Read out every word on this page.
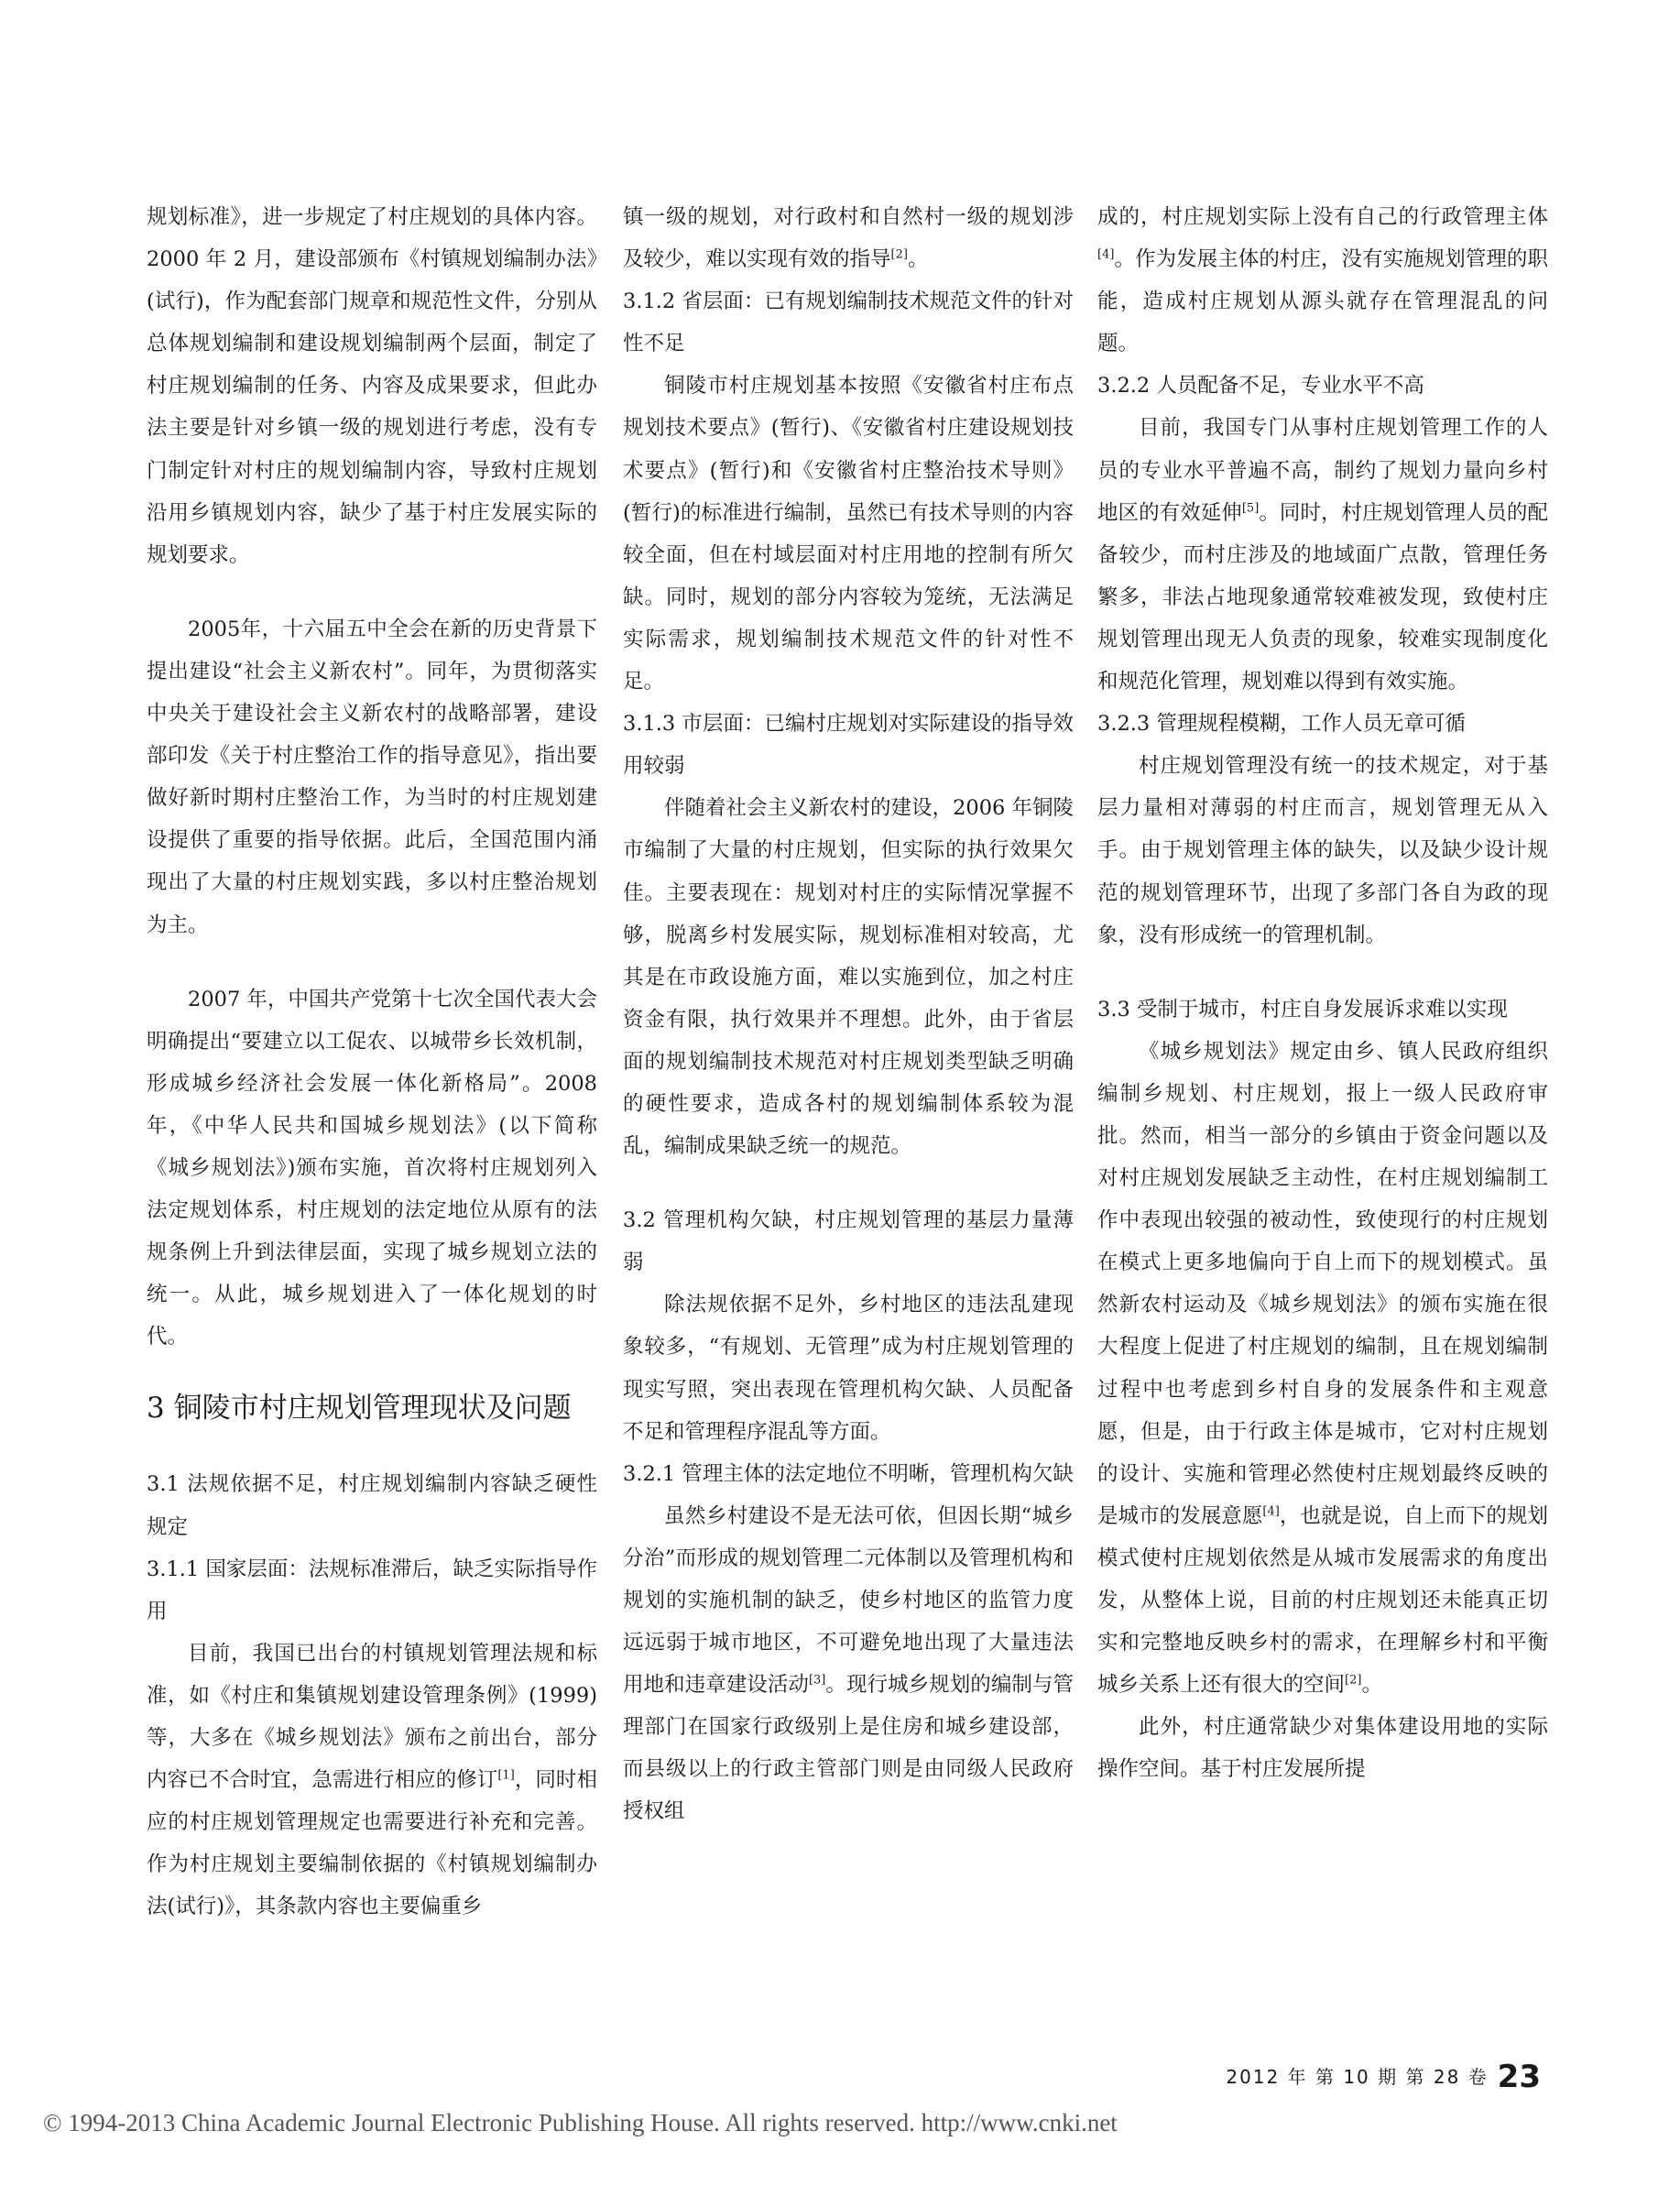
规划标准》，进一步规定了村庄规划的具体内容。2000 年 2 月，建设部颁布《村镇规划编制办法》(试行)，作为配套部门规章和规范性文件，分别从总体规划编制和建设规划编制两个层面，制定了村庄规划编制的任务、内容及成果要求，但此办法主要是针对乡镇一级的规划进行考虑，没有专门制定针对村庄的规划编制内容，导致村庄规划沿用乡镇规划内容，缺少了基于村庄发展实际的规划要求。

2005年，十六届五中全会在新的历史背景下提出建设“社会主义新农村”。同年，为贯彻落实中央关于建设社会主义新农村的战略部署，建设部印发《关于村庄整治工作的指导意见》，指出要做好新时期村庄整治工作，为当时的村庄规划建设提供了重要的指导依据。此后，全国范围内涌现出了大量的村庄规划实践，多以村庄整治规划为主。

2007 年，中国共产党第十七次全国代表大会明确提出“要建立以工促农、以城带乡长效机制，形成城乡经济社会发展一体化新格局”。2008 年，《中华人民共和国城乡规划法》(以下简称《城乡规划法》)颁布实施，首次将村庄规划列入法定规划体系，村庄规划的法定地位从原有的法规条例上升到法律层面，实现了城乡规划立法的统一。从此，城乡规划进入了一体化规划的时代。

3 铜陵市村庄规划管理现状及问题

3.1 法规依据不足，村庄规划编制内容缺乏硬性规定

3.1.1 国家层面：法规标准滞后，缺乏实际指导作用

目前，我国已出台的村镇规划管理法规和标准，如《村庄和集镇规划建设管理条例》(1999)等，大多在《城乡规划法》颁布之前出台，部分内容已不合时宜，急需进行相应的修订[1]，同时相应的村庄规划管理规定也需要进行补充和完善。作为村庄规划主要编制依据的《村镇规划编制办法(试行)》，其条款内容也主要偏重乡

镇一级的规划，对行政村和自然村一级的规划涉及较少，难以实现有效的指导[2]。

3.1.2 省层面：已有规划编制技术规范文件的针对性不足

铜陵市村庄规划基本按照《安徽省村庄布点规划技术要点》(暂行)、《安徽省村庄建设规划技术要点》(暂行)和《安徽省村庄整治技术导则》(暂行)的标准进行编制，虽然已有技术导则的内容较全面，但在村域层面对村庄用地的控制有所欠缺。同时，规划的部分内容较为笼统，无法满足实际需求，规划编制技术规范文件的针对性不足。

3.1.3 市层面：已编村庄规划对实际建设的指导效用较弱

伴随着社会主义新农村的建设，2006 年铜陵市编制了大量的村庄规划，但实际的执行效果欠佳。主要表现在：规划对村庄的实际情况掌握不够，脱离乡村发展实际，规划标准相对较高，尤其是在市政设施方面，难以实施到位，加之村庄资金有限，执行效果并不理想。此外，由于省层面的规划编制技术规范对村庄规划类型缺乏明确的硬性要求，造成各村的规划编制体系较为混乱，编制成果缺乏统一的规范。

3.2 管理机构欠缺，村庄规划管理的基层力量薄弱

除法规依据不足外，乡村地区的违法乱建现象较多，“有规划、无管理”成为村庄规划管理的现实写照，突出表现在管理机构欠缺、人员配备不足和管理程序混乱等方面。

3.2.1 管理主体的法定地位不明晰，管理机构欠缺

虽然乡村建设不是无法可依，但因长期“城乡分治”而形成的规划管理二元体制以及管理机构和规划的实施机制的缺乏，使乡村地区的监管力度远远弱于城市地区，不可避免地出现了大量违法用地和违章建设活动[3]。现行城乡规划的编制与管理部门在国家行政级别上是住房和城乡建设部，而县级以上的行政主管部门则是由同级人民政府授权组

成的，村庄规划实际上没有自己的行政管理主体[4]。作为发展主体的村庄，没有实施规划管理的职能，造成村庄规划从源头就存在管理混乱的问题。

3.2.2 人员配备不足，专业水平不高

目前，我国专门从事村庄规划管理工作的人员的专业水平普遍不高，制约了规划力量向乡村地区的有效延伸[5]。同时，村庄规划管理人员的配备较少，而村庄涉及的地域面广点散，管理任务繁多，非法占地现象通常较难被发现，致使村庄规划管理出现无人负责的现象，较难实现制度化和规范化管理，规划难以得到有效实施。

3.2.3 管理规程模糊，工作人员无章可循

村庄规划管理没有统一的技术规定，对于基层力量相对薄弱的村庄而言，规划管理无从入手。由于规划管理主体的缺失，以及缺少设计规范的规划管理环节，出现了多部门各自为政的现象，没有形成统一的管理机制。

3.3 受制于城市，村庄自身发展诉求难以实现

《城乡规划法》规定由乡、镇人民政府组织编制乡规划、村庄规划，报上一级人民政府审批。然而，相当一部分的乡镇由于资金问题以及对村庄规划发展缺乏主动性，在村庄规划编制工作中表现出较强的被动性，致使现行的村庄规划在模式上更多地偏向于自上而下的规划模式。虽然新农村运动及《城乡规划法》的颁布实施在很大程度上促进了村庄规划的编制，且在规划编制过程中也考虑到乡村自身的发展条件和主观意愿，但是，由于行政主体是城市，它对村庄规划的设计、实施和管理必然使村庄规划最终反映的是城市的发展意愿[4]，也就是说，自上而下的规划模式使村庄规划依然是从城市发展需求的角度出发，从整体上说，目前的村庄规划还未能真正切实和完整地反映乡村的需求，在理解乡村和平衡城乡关系上还有很大的空间[2]。

此外，村庄通常缺少对集体建设用地的实际操作空间。基于村庄发展所提

2012 年 第 10 期 第 28 卷 23
© 1994-2013 China Academic Journal Electronic Publishing House. All rights reserved. http://www.cnki.net
